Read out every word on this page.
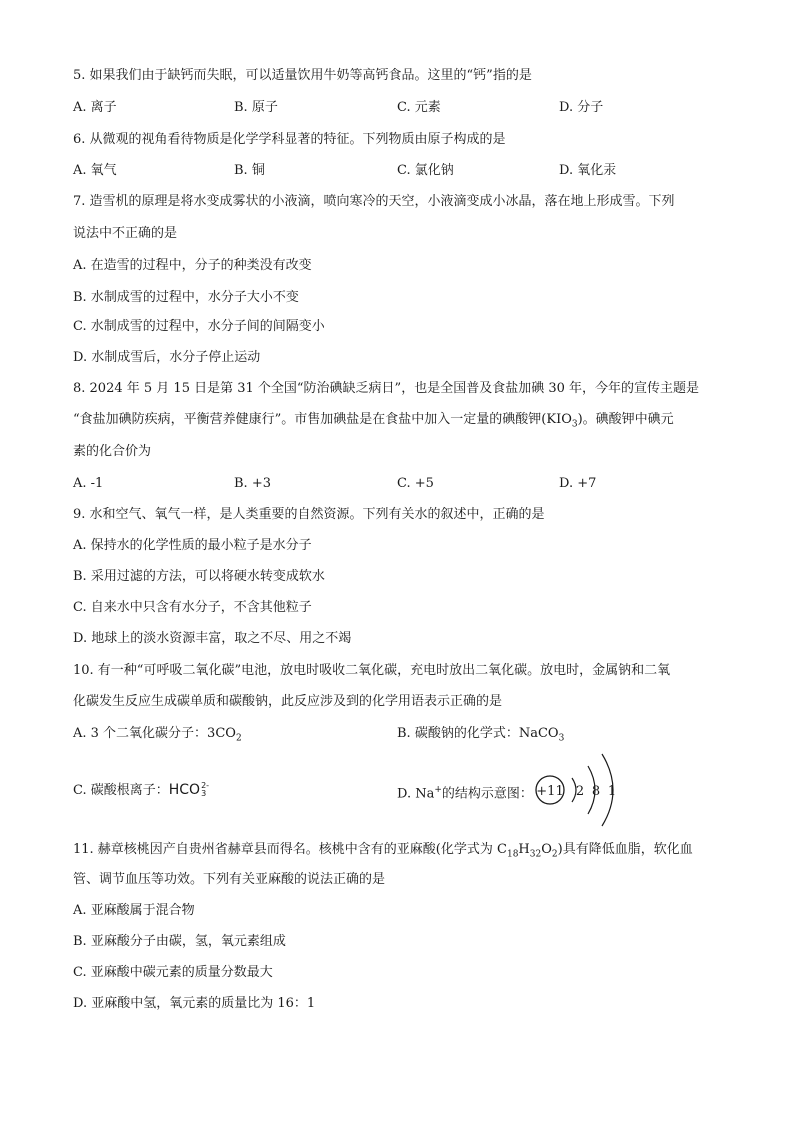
5. 如果我们由于缺钙而失眠，可以适量饮用牛奶等高钙食品。这里的“钙”指的是
A. 离子	B. 原子	C. 元素	D. 分子
6. 从微观的视角看待物质是化学学科显著的特征。下列物质由原子构成的是
A. 氧气	B. 铜	C. 氯化钠	D. 氧化汞
7. 造雪机的原理是将水变成雾状的小液滴，喷向寒冷的天空，小液滴变成小冰晶，落在地上形成雪。下列
说法中不正确的是
A. 在造雪的过程中，分子的种类没有改变
B. 水制成雪的过程中，水分子大小不变
C. 水制成雪的过程中，水分子间的间隔变小
D. 水制成雪后，水分子停止运动
8. 2024 年 5 月 15 日是第 31 个全国“防治碘缺乏病日”，也是全国普及食盐加碘 30 年，今年的宣传主题是
“食盐加碘防疾病，平衡营养健康行”。市售加碘盐是在食盐中加入一定量的碘酸钾$(KIO_3)$。碘酸钾中碘元
素的化合价为
A. -1	B. +3	C. +5	D. +7
9. 水和空气、氧气一样，是人类重要的自然资源。下列有关水的叙述中，正确的是
A. 保持水的化学性质的最小粒子是水分子
B. 采用过滤的方法，可以将硬水转变成软水
C. 自来水中只含有水分子，不含其他粒子
D. 地球上的淡水资源丰富，取之不尽、用之不竭
10. 有一种“可呼吸二氧化碳”电池，放电时吸收二氧化碳，充电时放出二氧化碳。放电时，金属钠和二氧
化碳发生反应生成碳单质和碳酸钠，此反应涉及到的化学用语表示正确的是
A. 3 个二氧化碳分子：$3CO_2$	B. 碳酸钠的化学式：NaCO$_3$
C. 碳酸根离子：HCO 2-
3	D. Na+的结构示意图： +11 2 8 1
11. 赫章核桃因产自贵州省赫章县而得名。核桃中含有的亚麻酸(化学式为 $C_{18}H_{32}O_2$)具有降低血脂，软化血
管、调节血压等功效。下列有关亚麻酸的说法正确的是
A. 亚麻酸属于混合物
B. 亚麻酸分子由碳，氢，氧元素组成
C. 亚麻酸中碳元素的质量分数最大
D. 亚麻酸中氢，氧元素的质量比为 16：1
